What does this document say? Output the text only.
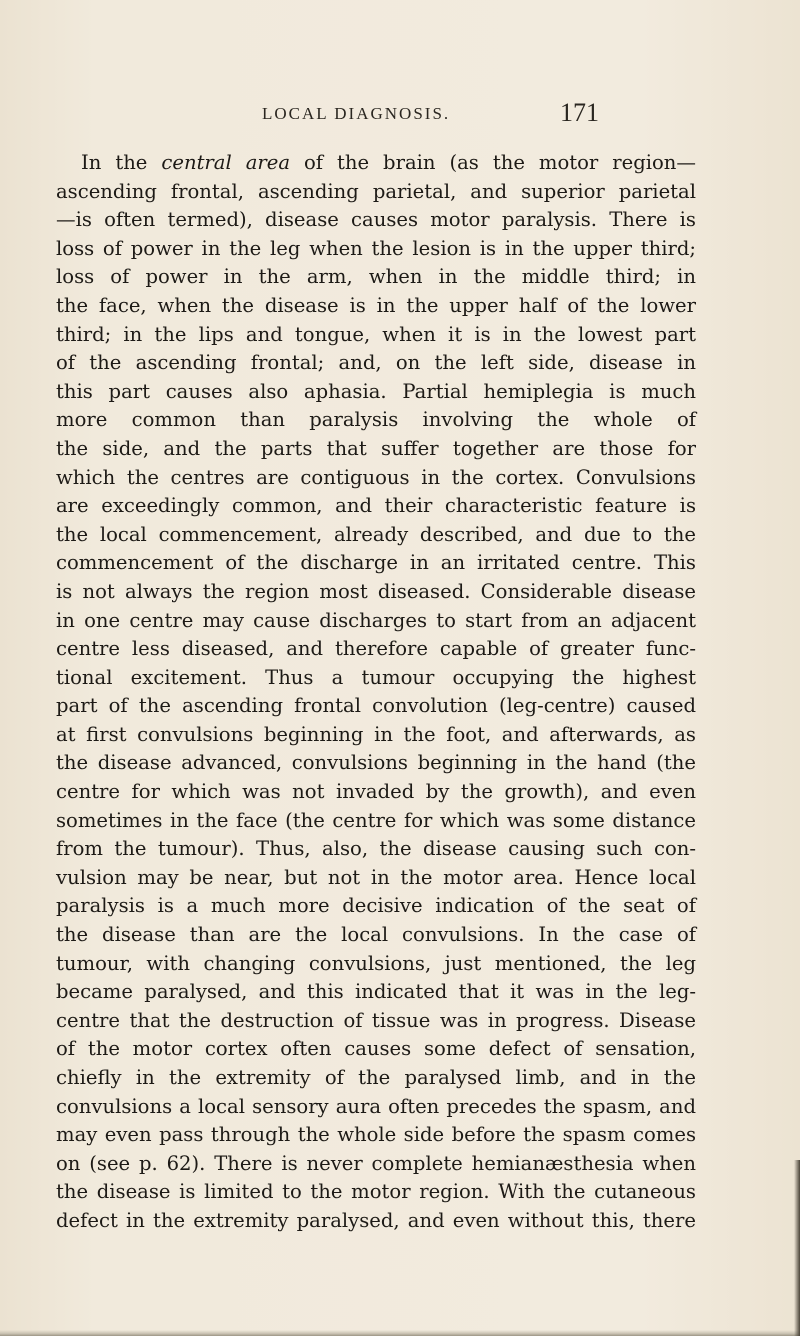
LOCAL DIAGNOSIS.	171
In the central area of the brain (as the motor region—
ascending frontal, ascending parietal, and superior parietal
—is often termed), disease causes motor paralysis. There is
loss of power in the leg when the lesion is in the upper third;
loss of power in the arm, when in the middle third; in
the face, when the disease is in the upper half of the lower
third; in the lips and tongue, when it is in the lowest part
of the ascending frontal; and, on the left side, disease in
this part causes also aphasia. Partial hemiplegia is much
more common than paralysis involving the whole of
the side, and the parts that suffer together are those for
which the centres are contiguous in the cortex. Convulsions
are exceedingly common, and their characteristic feature is
the local commencement, already described, and due to the
commencement of the discharge in an irritated centre. This
is not always the region most diseased. Considerable disease
in one centre may cause discharges to start from an adjacent
centre less diseased, and therefore capable of greater func-
tional excitement. Thus a tumour occupying the highest
part of the ascending frontal convolution (leg-centre) caused
at first convulsions beginning in the foot, and afterwards, as
the disease advanced, convulsions beginning in the hand (the
centre for which was not invaded by the growth), and even
sometimes in the face (the centre for which was some distance
from the tumour). Thus, also, the disease causing such con-
vulsion may be near, but not in the motor area. Hence local
paralysis is a much more decisive indication of the seat of
the disease than are the local convulsions. In the case of
tumour, with changing convulsions, just mentioned, the leg
became paralysed, and this indicated that it was in the leg-
centre that the destruction of tissue was in progress. Disease
of the motor cortex often causes some defect of sensation,
chiefly in the extremity of the paralysed limb, and in the
convulsions a local sensory aura often precedes the spasm, and
may even pass through the whole side before the spasm comes
on (see p. 62). There is never complete hemianæsthesia when
the disease is limited to the motor region. With the cutaneous
defect in the extremity paralysed, and even without this, there
